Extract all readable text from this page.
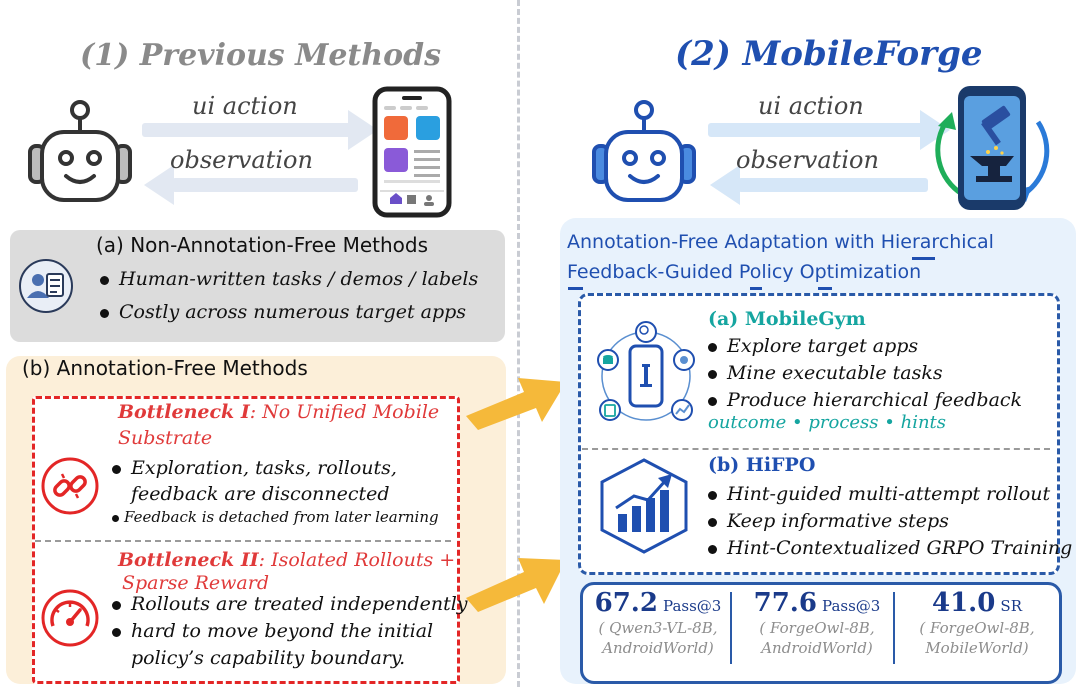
(1) Previous Methods
ui action
observation
(a) Non-Annotation-Free Methods
Human-written tasks / demos / labels
Costly across numerous target apps
(b) Annotation-Free Methods
Bottleneck I: No Unified Mobile
Substrate
Exploration, tasks, rollouts,
feedback are disconnected
Feedback is detached from later learning
Bottleneck II: Isolated Rollouts +
Sparse Reward
Rollouts are treated independently
hard to move beyond the initial
policy’s capability boundary.
(2) MobileForge
ui action
observation
Annotation-Free Adaptation with Hierarchical
Feedback-Guided Policy Optimization
(a) MobileGym
Explore target apps
Mine executable tasks
Produce hierarchical feedback
outcome • process • hints
(b) HiFPO
Hint-guided multi-attempt rollout
Keep informative steps
Hint-Contextualized GRPO Training
67.2 Pass@3
( Qwen3-VL-8B,
AndroidWorld)
77.6 Pass@3
( ForgeOwl-8B,
AndroidWorld)
41.0 SR
( ForgeOwl-8B,
MobileWorld)
